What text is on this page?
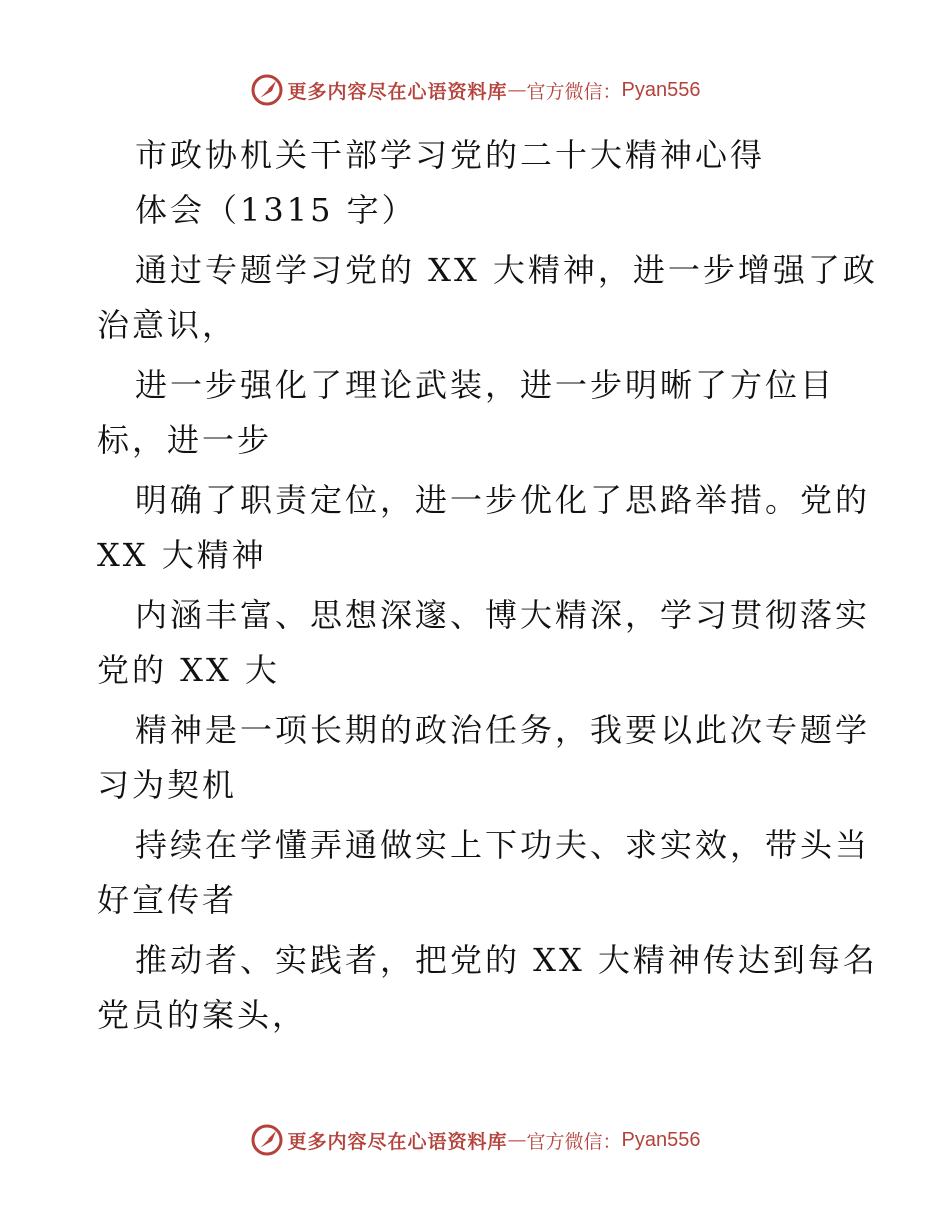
更多内容尽在心语资料库 — 官方微信： Pyan556
市政协机关干部学习党的二十大精神心得
体会（1315 字）
通过专题学习党的 XX 大精神，进一步增强了政
治意识，
进一步强化了理论武装，进一步明晰了方位目
标，进一步
明确了职责定位，进一步优化了思路举措。党的
XX 大精神
内涵丰富、思想深邃、博大精深，学习贯彻落实
党的 XX 大
精神是一项长期的政治任务，我要以此次专题学
习为契机
持续在学懂弄通做实上下功夫、求实效，带头当
好宣传者
推动者、实践者，把党的 XX 大精神传达到每名
党员的案头，
更多内容尽在心语资料库 — 官方微信： Pyan556
